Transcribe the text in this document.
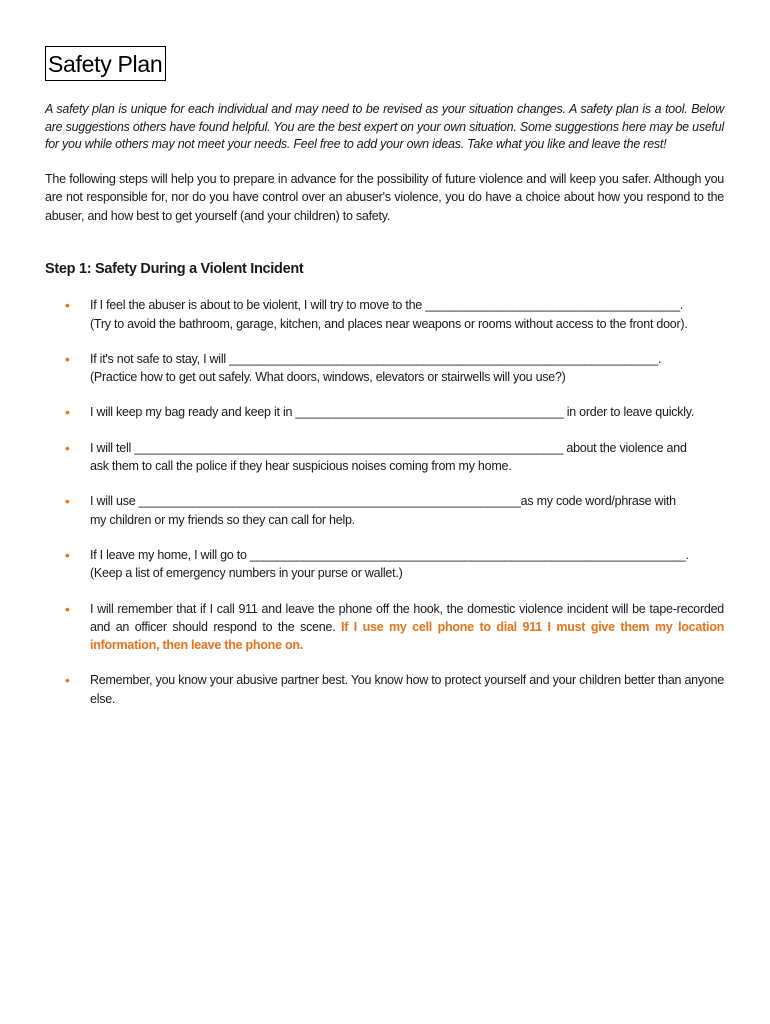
Safety Plan

A safety plan is unique for each individual and may need to be revised as your situation changes. A safety plan is a tool. Below are suggestions others have found helpful. You are the best expert on your own situation. Some suggestions here may be useful for you while others may not meet your needs. Feel free to add your own ideas. Take what you like and leave the rest!

The following steps will help you to prepare in advance for the possibility of future violence and will keep you safer. Although you are not responsible for, nor do you have control over an abuser's violence, you do have a choice about how you respond to the abuser, and how best to get yourself (and your children) to safety.

Step 1: Safety During a Violent Incident
• If I feel the abuser is about to be violent, I will try to move to the ______________________________________.
(Try to avoid the bathroom, garage, kitchen, and places near weapons or rooms without access to the front door).
• If it's not safe to stay, I will ________________________________________________________________.
(Practice how to get out safely. What doors, windows, elevators or stairwells will you use?)
• I will keep my bag ready and keep it in ________________________________________ in order to leave quickly.
• I will tell ________________________________________________________________ about the violence and
ask them to call the police if they hear suspicious noises coming from my home.
• I will use _________________________________________________________as my code word/phrase with
my children or my friends so they can call for help.
• If I leave my home, I will go to _________________________________________________________________.
(Keep a list of emergency numbers in your purse or wallet.)
• I will remember that if I call 911 and leave the phone off the hook, the domestic violence incident will be tape-recorded and an officer should respond to the scene. If I use my cell phone to dial 911 I must give them my location information, then leave the phone on.
• Remember, you know your abusive partner best. You know how to protect yourself and your children better than anyone else.
